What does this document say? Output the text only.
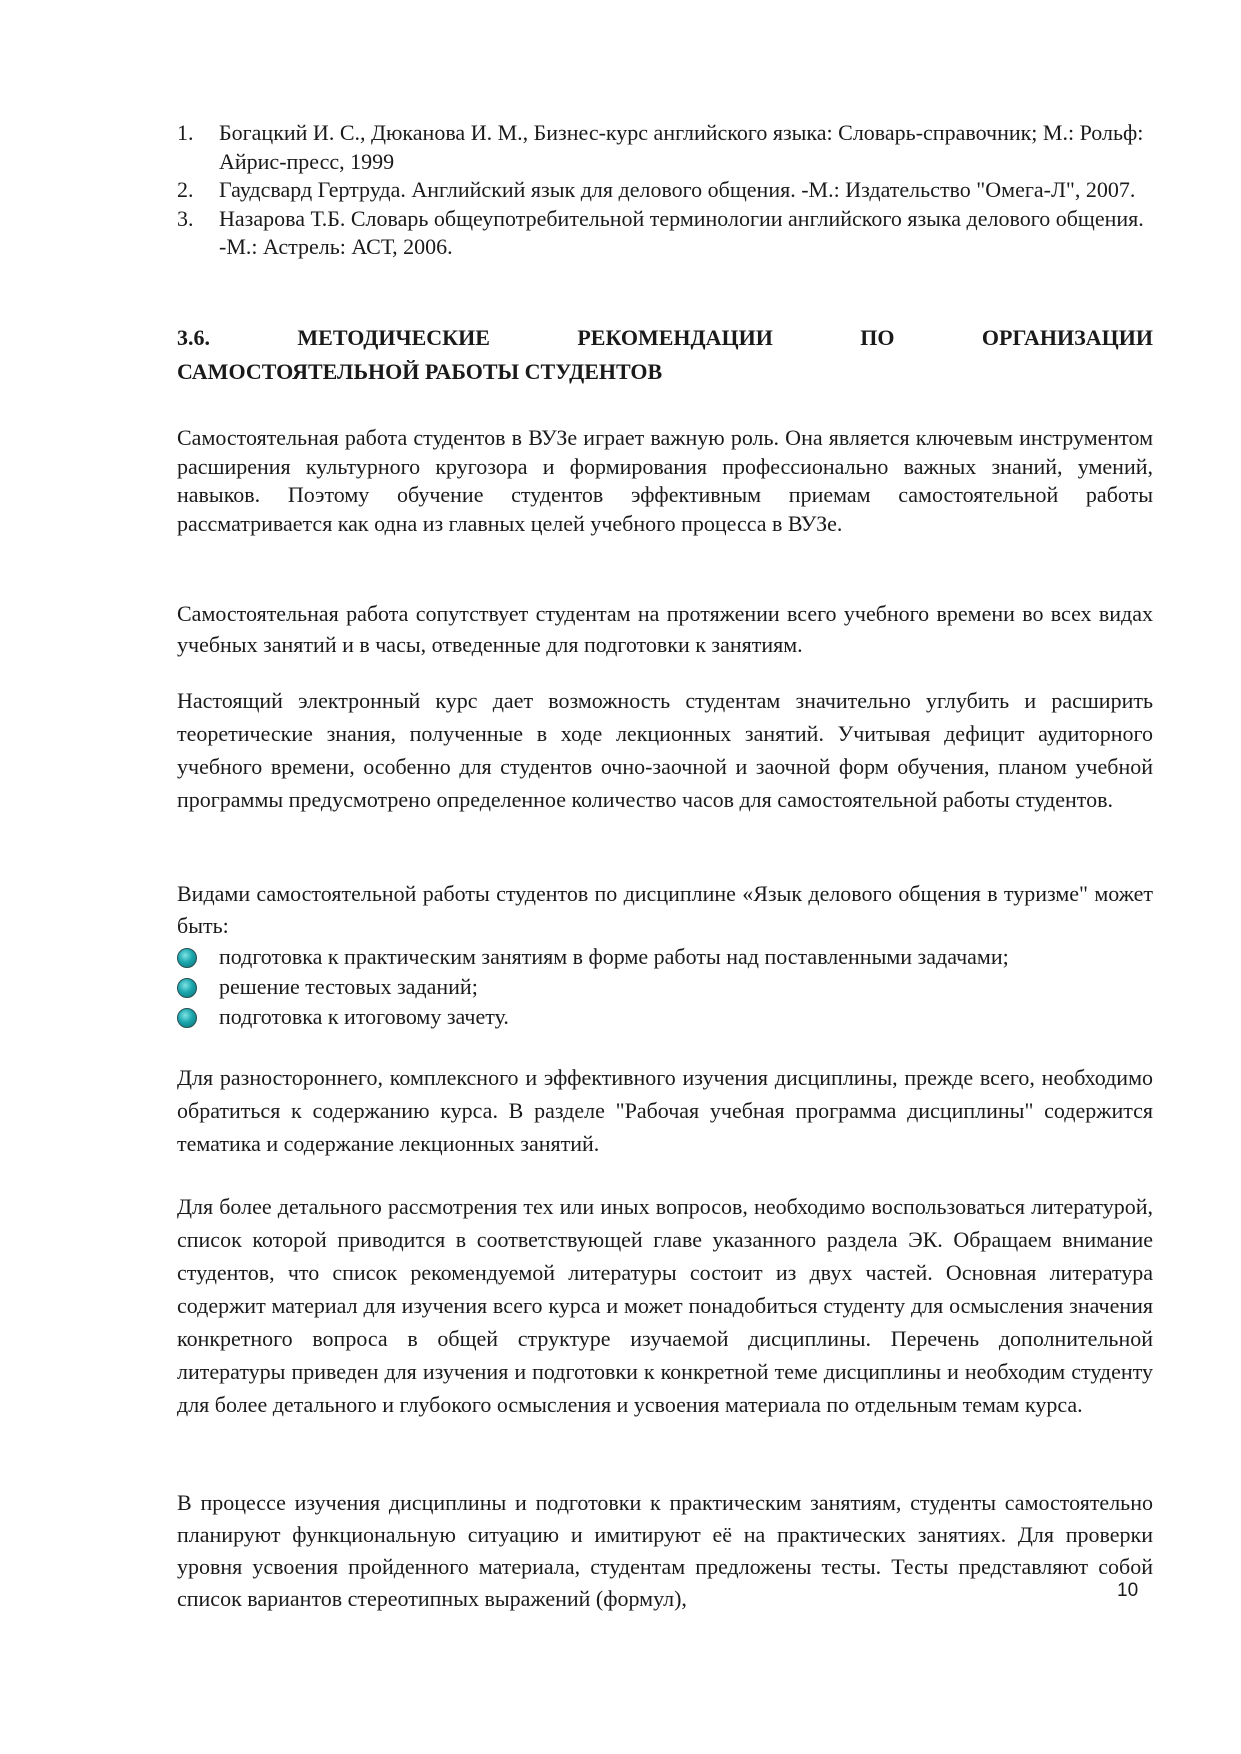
1. Богацкий И. С., Дюканова И. М., Бизнес-курс английского языка: Словарь-справочник; М.: Рольф: Айрис-пресс, 1999
2. Гаудсвард Гертруда. Английский язык для делового общения. -М.: Издательство "Омега-Л", 2007.
3. Назарова Т.Б. Словарь общеупотребительной терминологии английского языка делового общения. -М.: Астрель: АСТ, 2006.
3.6.	МЕТОДИЧЕСКИЕ	РЕКОМЕНДАЦИИ	ПО	ОРГАНИЗАЦИИ
САМОСТОЯТЕЛЬНОЙ РАБОТЫ СТУДЕНТОВ

Самостоятельная работа студентов в ВУЗе играет важную роль. Она является ключевым инструментом расширения культурного кругозора и формирования профессионально важных знаний, умений, навыков. Поэтому обучение студентов эффективным приемам самостоятельной работы рассматривается как одна из главных целей учебного процесса в ВУЗе.

Самостоятельная работа сопутствует студентам на протяжении всего учебного времени во всех видах учебных занятий и в часы, отведенные для подготовки к занятиям.

Настоящий электронный курс дает возможность студентам значительно углубить и расширить теоретические знания, полученные в ходе лекционных занятий. Учитывая дефицит аудиторного учебного времени, особенно для студентов очно-заочной и заочной форм обучения, планом учебной программы предусмотрено определенное количество часов для самостоятельной работы студентов.

Видами самостоятельной работы студентов по дисциплине «Язык делового общения в туризме" может быть:

подготовка к практическим занятиям в форме работы над поставленными задачами;
решение тестовых заданий;
подготовка к итоговому зачету.

Для разностороннего, комплексного и эффективного изучения дисциплины, прежде всего, необходимо обратиться к содержанию курса. В разделе "Рабочая учебная программа дисциплины" содержится тематика и содержание лекционных занятий.

Для более детального рассмотрения тех или иных вопросов, необходимо воспользоваться литературой, список которой приводится в соответствующей главе указанного раздела ЭК. Обращаем внимание студентов, что список рекомендуемой литературы состоит из двух частей. Основная литература содержит материал для изучения всего курса и может понадобиться студенту для осмысления значения конкретного вопроса в общей структуре изучаемой дисциплины. Перечень дополнительной литературы приведен для изучения и подготовки к конкретной теме дисциплины и необходим студенту для более детального и глубокого осмысления и усвоения материала по отдельным темам курса.

В процессе изучения дисциплины и подготовки к практическим занятиям, студенты самостоятельно планируют функциональную ситуацию и имитируют её на практических занятиях. Для проверки уровня усвоения пройденного материала, студентам предложены тесты. Тесты представляют собой список вариантов стереотипных выражений (формул),	10
